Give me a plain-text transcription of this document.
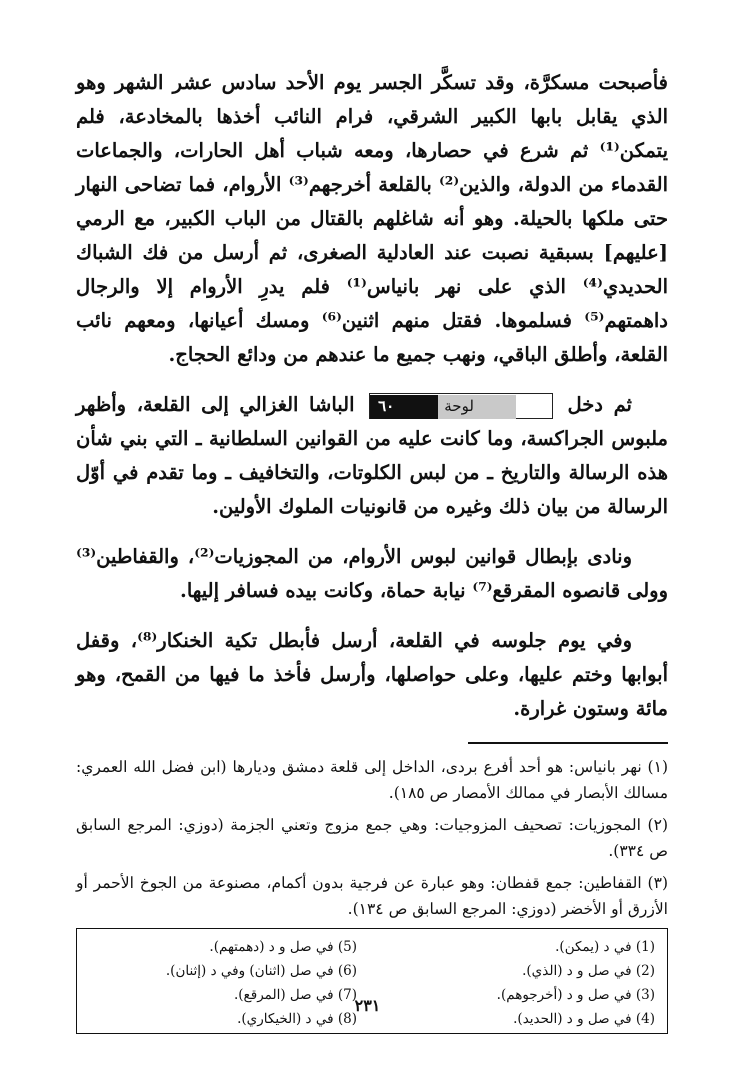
فأصبحت مسكرَّة، وقد تسكَّر الجسر يوم الأحد سادس عشر الشهر وهو الذي يقابل بابها الكبير الشرقي، فرام النائب أخذها بالمخادعة، فلم يتمكن⁽¹⁾ ثم شرع في حصارها، ومعه شباب أهل الحارات، والجماعات القدماء من الدولة، والذين⁽²⁾ بالقلعة أخرجهم⁽³⁾ الأروام، فما تضاحى النهار حتى ملكها بالحيلة. وهو أنه شاغلهم بالقتال من الباب الكبير، مع الرمي [عليهم] بسبقية نصبت عند العادلية الصغرى، ثم أرسل من فك الشباك الحديدي⁽⁴⁾ الذي على نهر بانياس⁽¹⁾ فلم يدرِ الأروام إلا والرجال داهمتهم⁽⁵⁾ فسلموها. فقتل منهم اثنين⁽⁶⁾ ومسك أعيانها، ومعهم نائب القلعة، وأطلق الباقي، ونهب جميع ما عندهم من ودائع الحجاج.

ثم دخل لوحة٦٠ الباشا الغزالي إلى القلعة، وأظهر ملبوس الجراكسة، وما كانت عليه من القوانين السلطانية ـ التي بني شأن هذه الرسالة والتاريخ ـ من لبس الكلوتات، والتخافيف ـ وما تقدم في أوّل الرسالة من بيان ذلك وغيره من قانونيات الملوك الأولين.

ونادى بإبطال قوانين لبوس الأروام، من المجوزيات⁽²⁾، والقفاطين⁽³⁾ وولى قانصوه المقرقع⁽⁷⁾ نيابة حماة، وكانت بيده فسافر إليها.

وفي يوم جلوسه في القلعة، أرسل فأبطل تكية الخنكار⁽⁸⁾، وقفل أبوابها وختم عليها، وعلى حواصلها، وأرسل فأخذ ما فيها من القمح، وهو مائة وستون غرارة.

(١) نهر بانياس: هو أحد أفرع بردى، الداخل إلى قلعة دمشق وديارها (ابن فضل الله العمري: مسالك الأبصار في ممالك الأمصار ص ١٨٥).

(٢) المجوزيات: تصحيف المزوجيات: وهي جمع مزوج وتعني الجزمة (دوزي: المرجع السابق ص ٣٣٤).

(٣) القفاطين: جمع قفطان: وهو عبارة عن فرجية بدون أكمام، مصنوعة من الجوخ الأحمر أو الأزرق أو الأخضر (دوزي: المرجع السابق ص ١٣٤).

(1) في د (يمكن).
(5) في صل و د (دهمتهم).
(2) في صل و د (الذي).
(6) في صل (اثنان) وفي د (إثنان).
(3) في صل و د (أخرجوهم).
(7) في صل (المرقع).
(4) في صل و د (الحديد).
(8) في د (الخيكاري).
٢٣١
